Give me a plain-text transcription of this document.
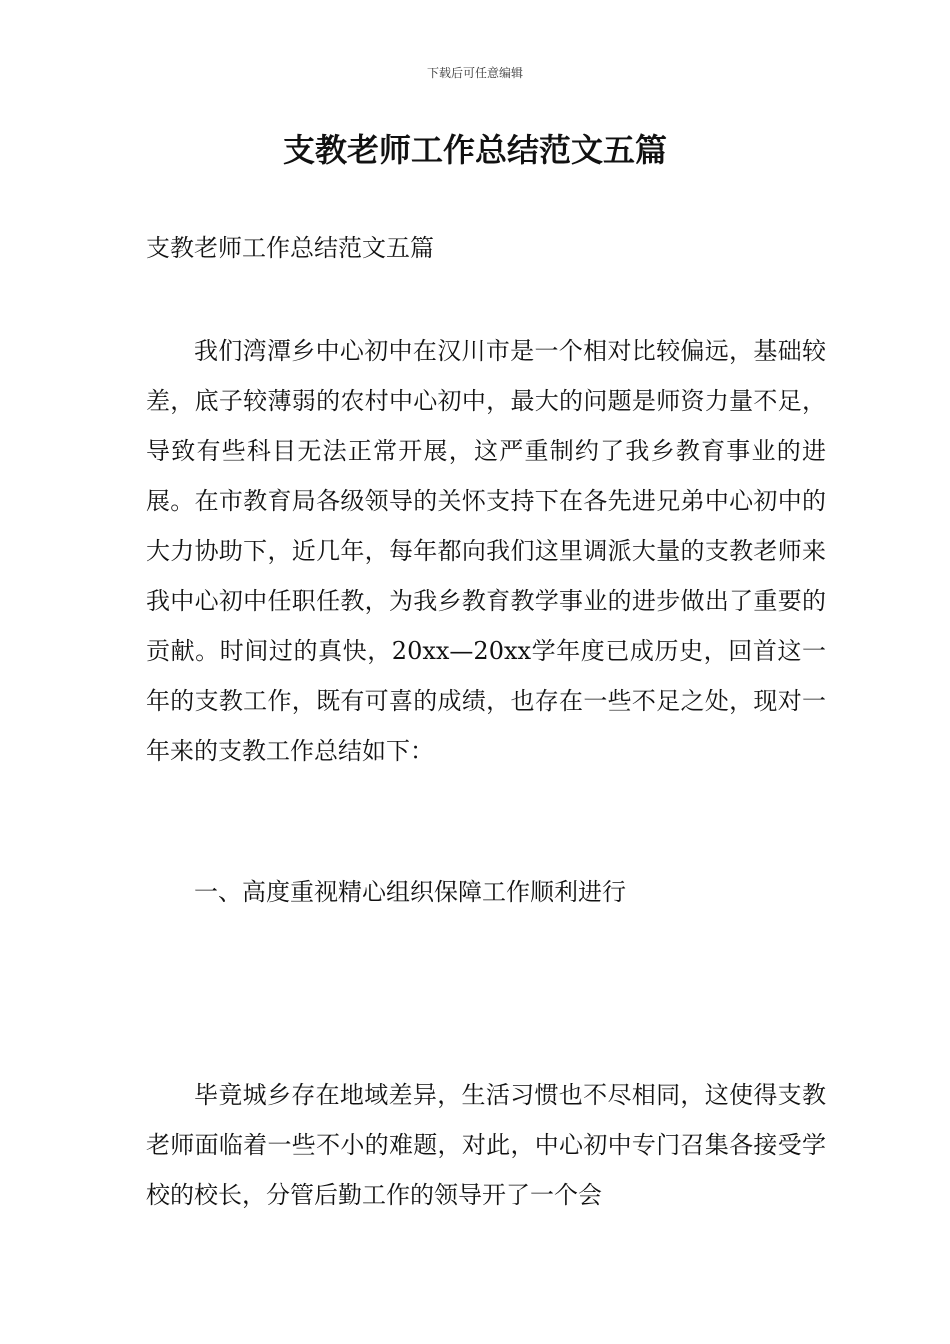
下载后可任意编辑
支教老师工作总结范文五篇

支教老师工作总结范文五篇

我们湾潭乡中心初中在汉川市是一个相对比较偏远，基础较差，底子较薄弱的农村中心初中，最大的问题是师资力量不足，导致有些科目无法正常开展，这严重制约了我乡教育事业的进展。在市教育局各级领导的关怀支持下在各先进兄弟中心初中的大力协助下，近几年，每年都向我们这里调派大量的支教老师来我中心初中任职任教，为我乡教育教学事业的进步做出了重要的贡献。时间过的真快，20xx—20xx学年度已成历史，回首这一年的支教工作，既有可喜的成绩，也存在一些不足之处，现对一年来的支教工作总结如下：

一、高度重视精心组织保障工作顺利进行

毕竟城乡存在地域差异，生活习惯也不尽相同，这使得支教老师面临着一些不小的难题，对此，中心初中专门召集各接受学校的校长，分管后勤工作的领导开了一个会
